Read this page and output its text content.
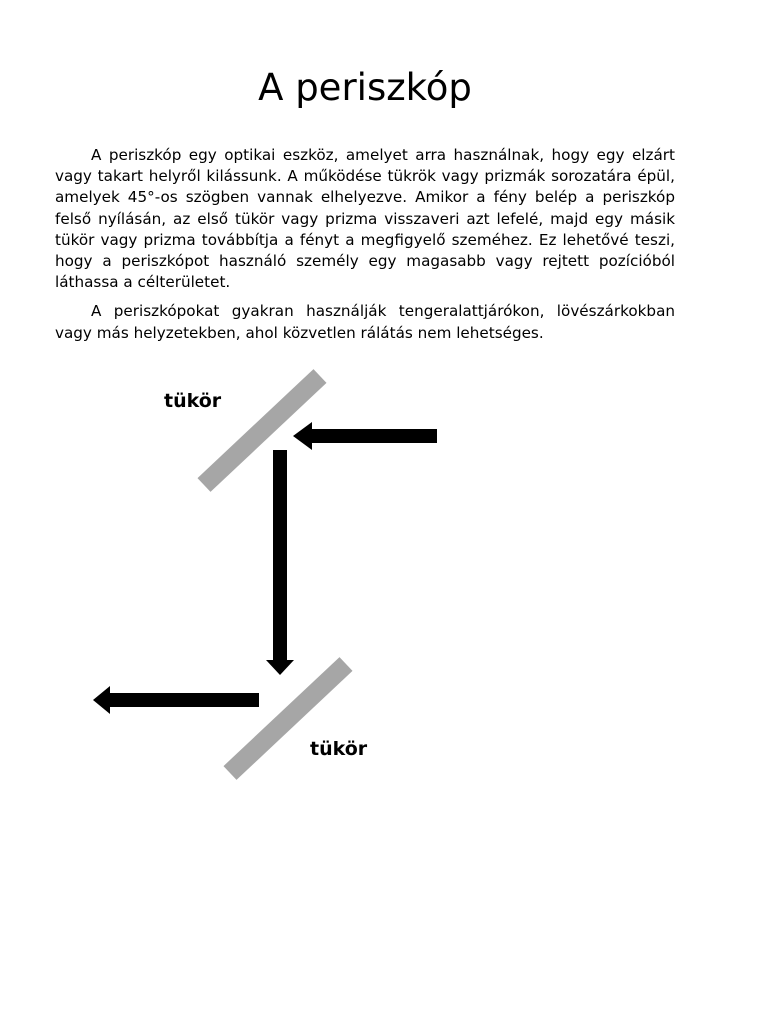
A periszkóp

A periszkóp egy optikai eszköz, amelyet arra használnak, hogy egy elzárt vagy takart helyről kilássunk. A működése tükrök vagy prizmák sorozatára épül, amelyek 45°-os szögben vannak elhelyezve. Amikor a fény belép a periszkóp felső nyílásán, az első tükör vagy prizma visszaveri azt lefelé, majd egy másik tükör vagy prizma továbbítja a fényt a megfigyelő szeméhez. Ez lehetővé teszi, hogy a periszkópot használó személy egy magasabb vagy rejtett pozícióból láthassa a célterületet.

A periszkópokat gyakran használják tengeralattjárókon, lövészárkokban vagy más helyzetekben, ahol közvetlen rálátás nem lehetséges.

tükör
tükör
